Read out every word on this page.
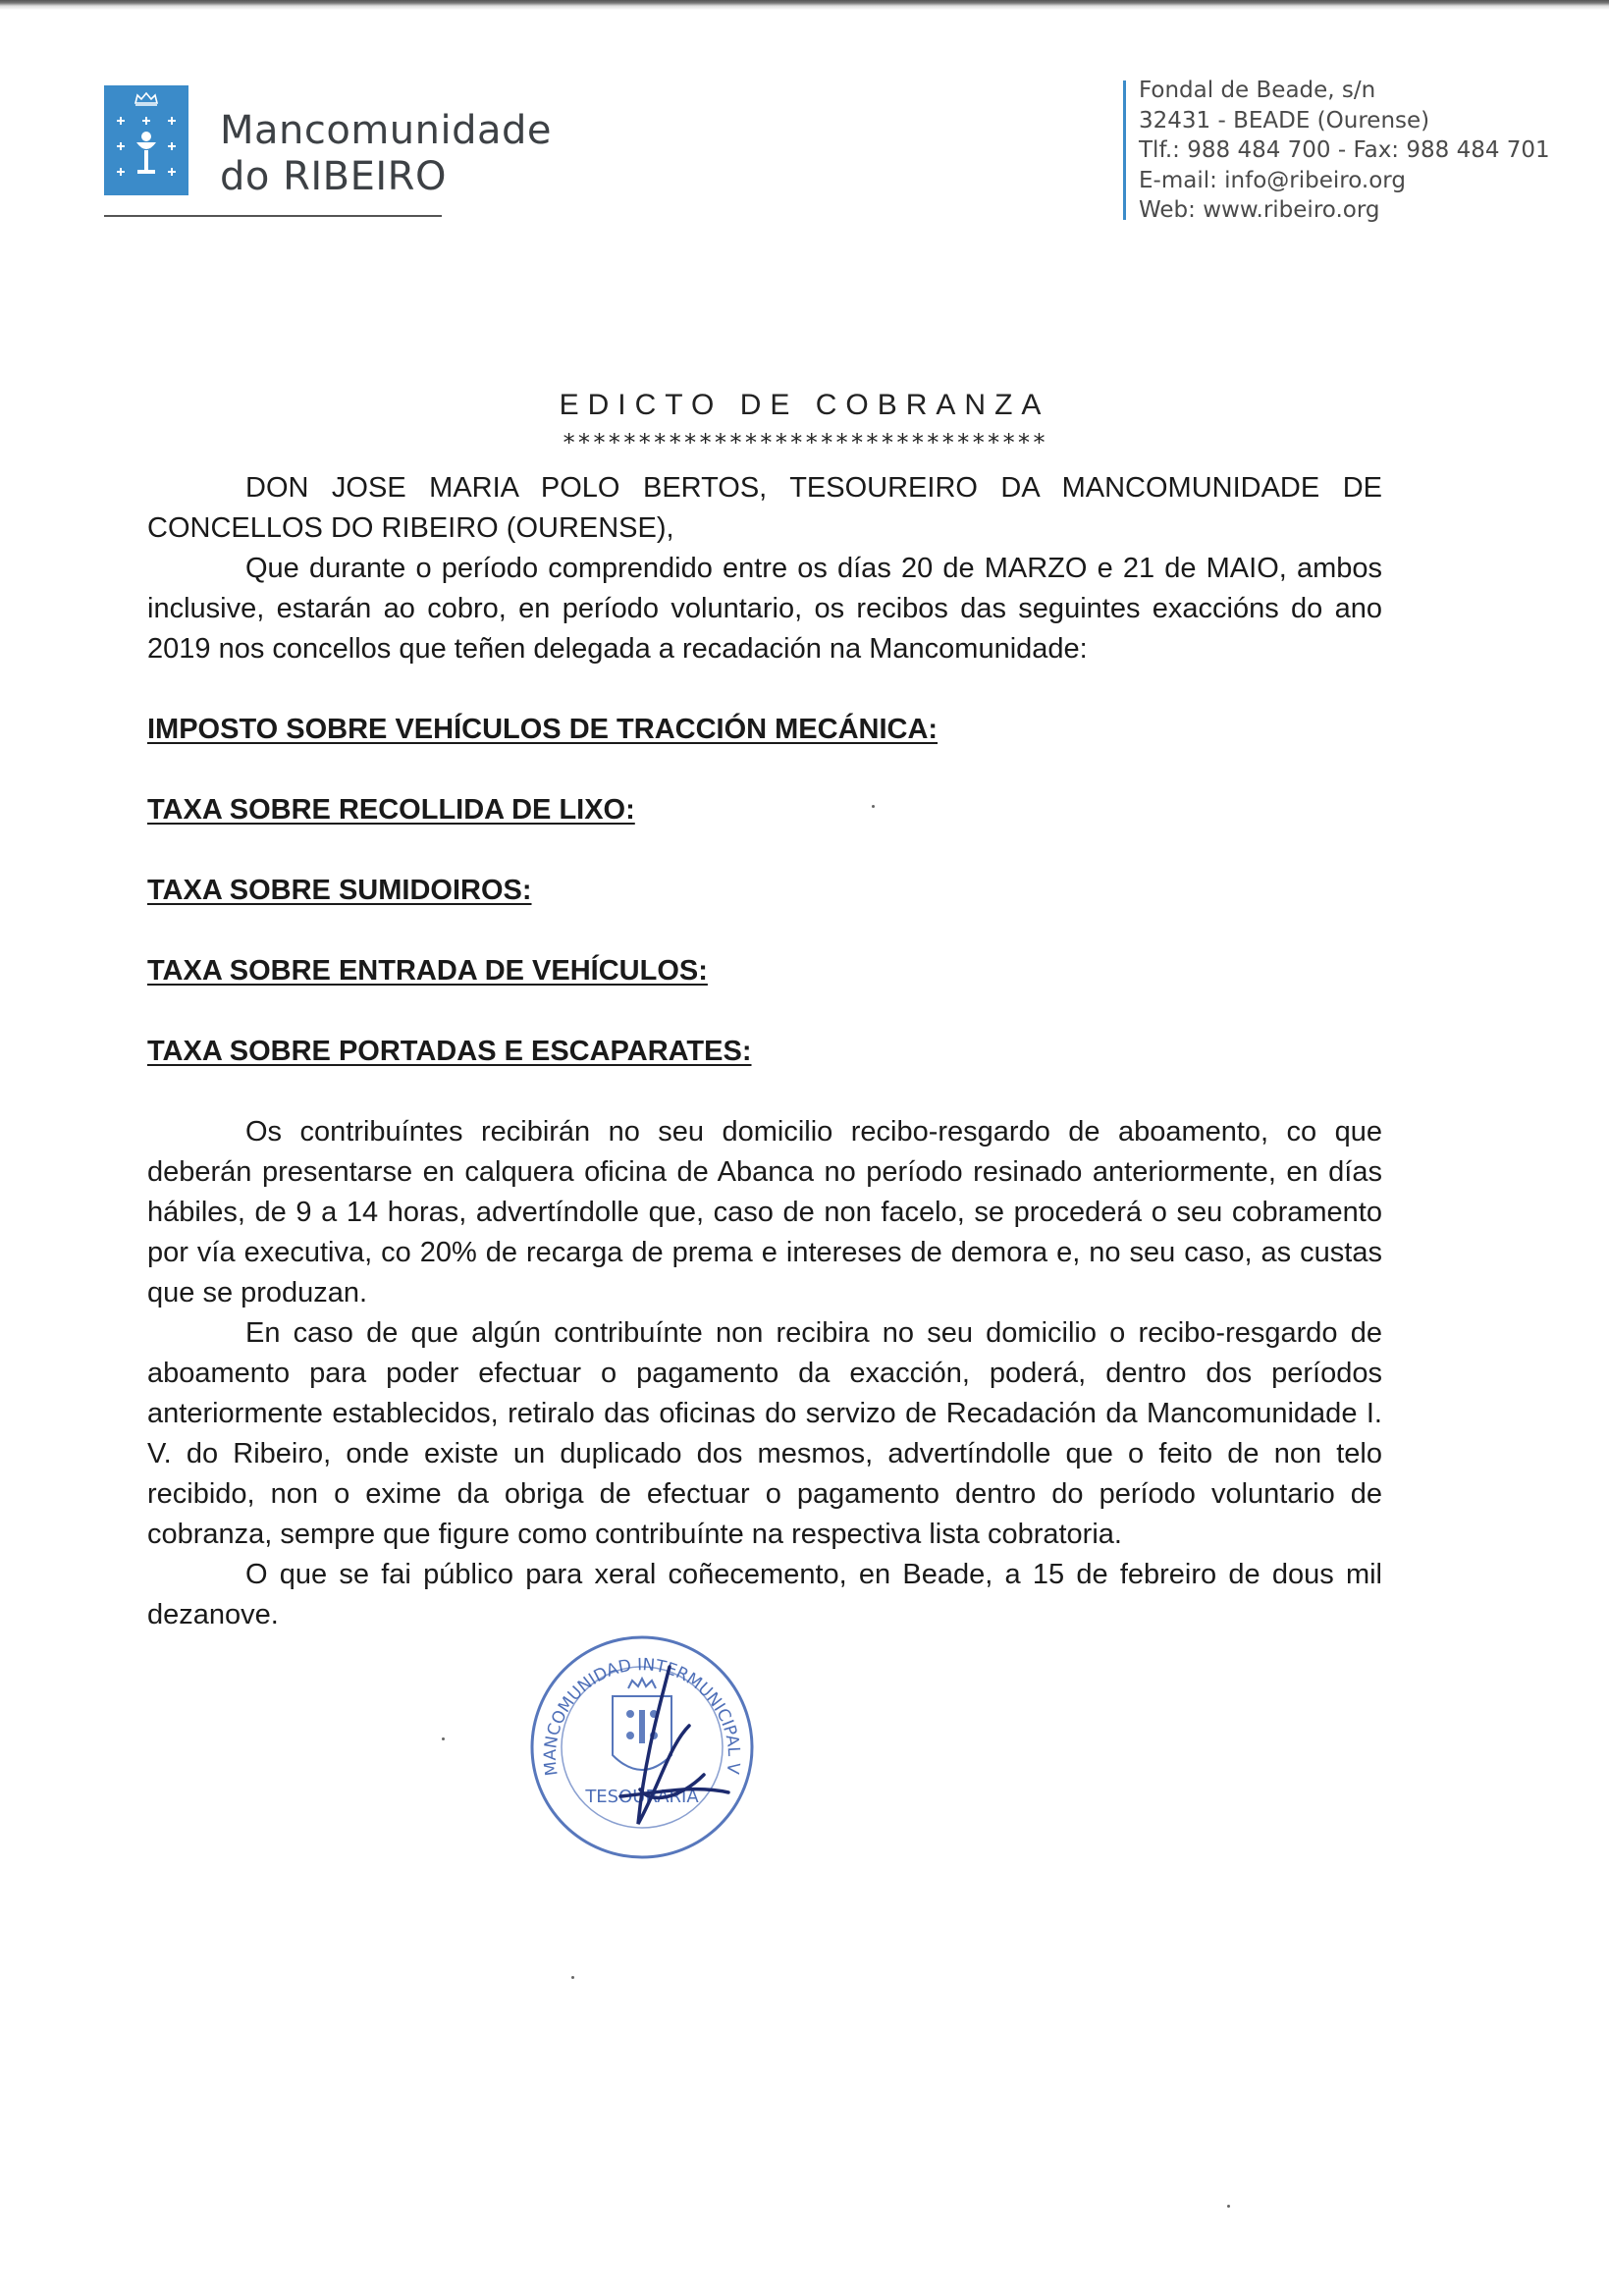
Mancomunidade
do RIBEIRO
Fondal de Beade, s/n
32431 - BEADE (Ourense)
Tlf.: 988 484 700 - Fax: 988 484 701
E-mail: info@ribeiro.org
Web: www.ribeiro.org
EDICTO DE COBRANZA
********************************

DON JOSE MARIA POLO BERTOS, TESOUREIRO DA MANCOMUNIDADE DE CONCELLOS DO RIBEIRO (OURENSE),

Que durante o período comprendido entre os días 20 de MARZO e 21 de MAIO, ambos inclusive, estarán ao cobro, en período voluntario, os recibos das seguintes exaccións do ano 2019 nos concellos que teñen delegada a recadación na Mancomunidade:

IMPOSTO SOBRE VEHÍCULOS DE TRACCIÓN MECÁNICA:

TAXA SOBRE RECOLLIDA DE LIXO:

TAXA SOBRE SUMIDOIROS:

TAXA SOBRE ENTRADA DE VEHÍCULOS:

TAXA SOBRE PORTADAS E ESCAPARATES:

Os contribuíntes recibirán no seu domicilio recibo-resgardo de aboamento, co que deberán presentarse en calquera oficina de Abanca no período resinado anteriormente, en días hábiles, de 9 a 14 horas, advertíndolle que, caso de non facelo, se procederá o seu cobramento por vía executiva, co 20% de recarga de prema e intereses de demora e, no seu caso, as custas que se produzan.

En caso de que algún contribuínte non recibira no seu domicilio o recibo-resgardo de aboamento para poder efectuar o pagamento da exacción, poderá, dentro dos períodos anteriormente establecidos, retiralo das oficinas do servizo de Recadación da Mancomunidade I. V. do Ribeiro, onde existe un duplicado dos mesmos, advertíndolle que o feito de non telo recibido, non o exime da obriga de efectuar o pagamento dentro do período voluntario de cobranza, sempre que figure como contribuínte na respectiva lista cobratoria.

O que se fai público para xeral coñecemento, en Beade, a 15 de febreiro de dous mil dezanove.

MANCOMUNIDAD INTERMUNICIPAL V
TESOURARIA
